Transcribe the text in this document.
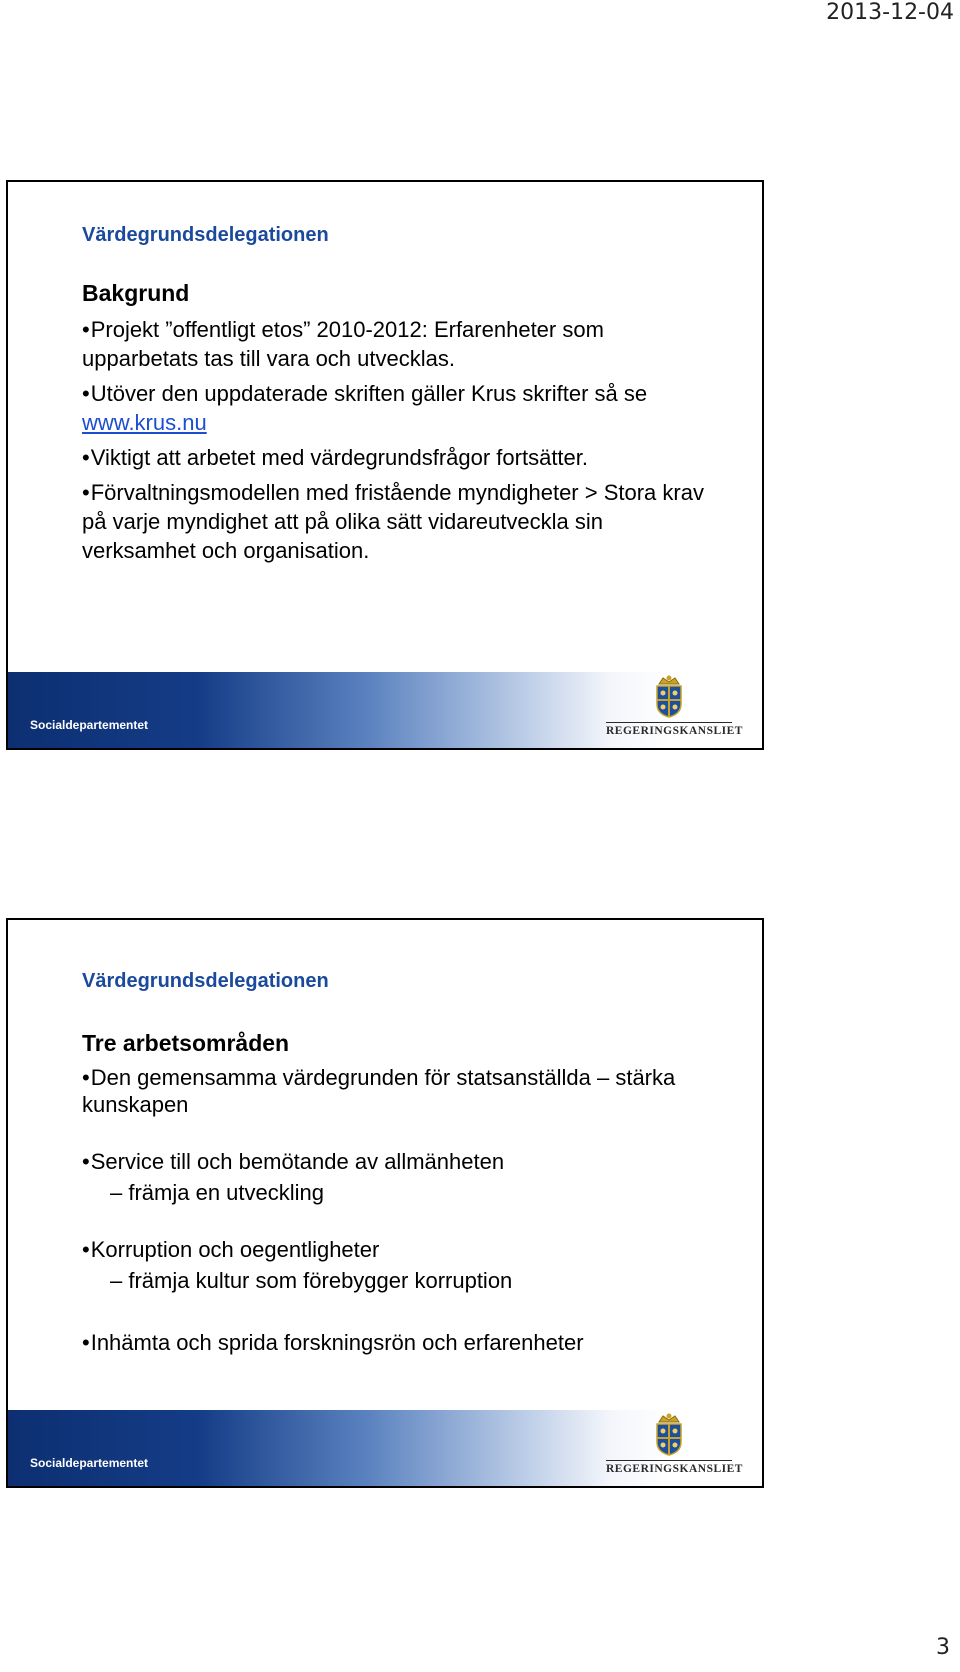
2013-12-04
Värdegrundsdelegationen

Bakgrund

•Projekt ”offentligt etos” 2010-2012: Erfarenheter som upparbetats tas till vara och utvecklas.

•Utöver den uppdaterade skriften gäller Krus skrifter så se www.krus.nu

•Viktigt att arbetet med värdegrundsfrågor fortsätter.

•Förvaltningsmodellen med fristående myndigheter > Stora krav på varje myndighet att på olika sätt vidareutveckla sin verksamhet och organisation.

Socialdepartementet	REGERINGSKANSLIET
Värdegrundsdelegationen

Tre arbetsområden

•Den gemensamma värdegrunden för statsanställda – stärka kunskapen

•Service till och bemötande av allmänheten

– främja en utveckling

•Korruption och oegentligheter

– främja kultur som förebygger korruption

•Inhämta och sprida forskningsrön och erfarenheter

Socialdepartementet	REGERINGSKANSLIET
3
